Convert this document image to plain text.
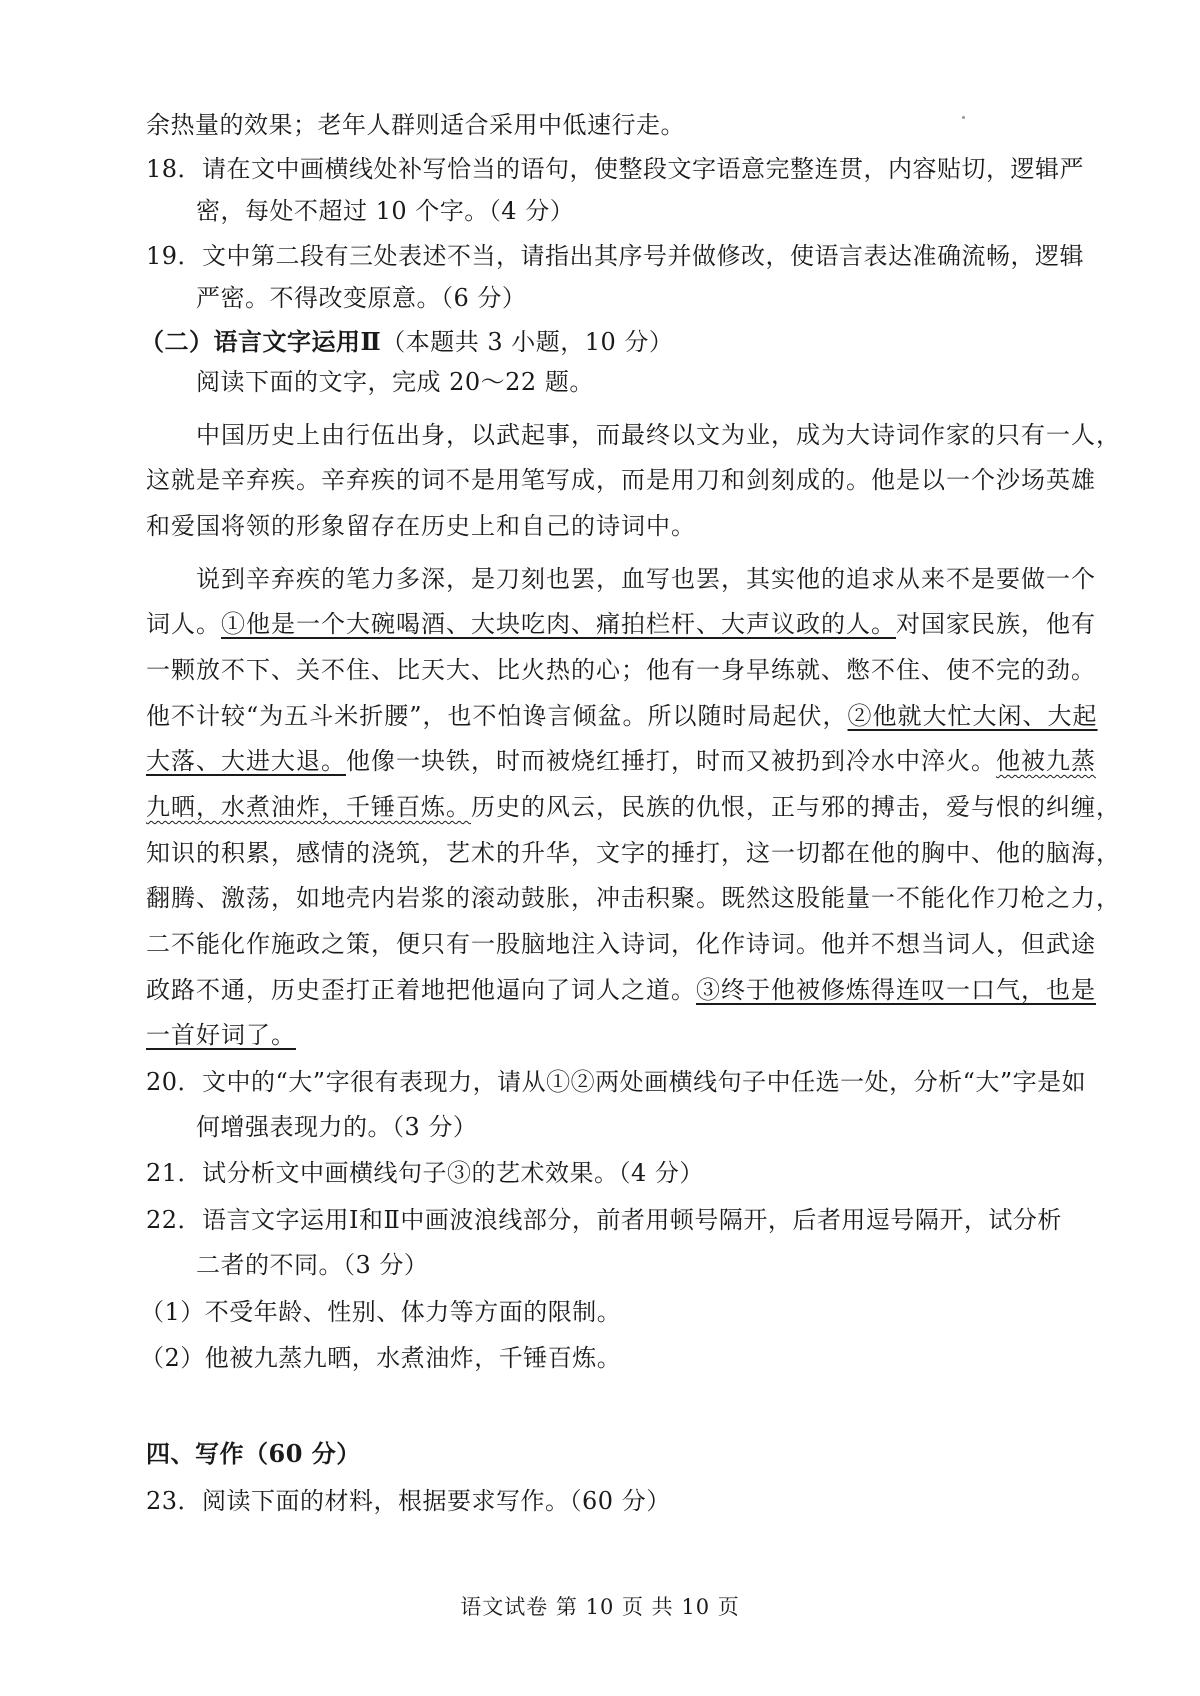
余热量的效果；老年人群则适合采用中低速行走。
18．请在文中画横线处补写恰当的语句，使整段文字语意完整连贯，内容贴切，逻辑严
密，每处不超过 10 个字。（4 分）
19．文中第二段有三处表述不当，请指出其序号并做修改，使语言表达准确流畅，逻辑
严密。不得改变原意。（6 分）
（二）语言文字运用Ⅱ（本题共 3 小题，10 分）
阅读下面的文字，完成 20～22 题。
中国历史上由行伍出身，以武起事，而最终以文为业，成为大诗词作家的只有一人，
这就是辛弃疾。辛弃疾的词不是用笔写成，而是用刀和剑刻成的。他是以一个沙场英雄
和爱国将领的形象留存在历史上和自己的诗词中。
说到辛弃疾的笔力多深，是刀刻也罢，血写也罢，其实他的追求从来不是要做一个
词人。①他是一个大碗喝酒、大块吃肉、痛拍栏杆、大声议政的人。对国家民族，他有
一颗放不下、关不住、比天大、比火热的心；他有一身早练就、憋不住、使不完的劲。
他不计较“为五斗米折腰”，也不怕谗言倾盆。所以随时局起伏，②他就大忙大闲、大起
大落、大进大退。他像一块铁，时而被烧红捶打，时而又被扔到冷水中淬火。他被九蒸
九晒，水煮油炸，千锤百炼。历史的风云，民族的仇恨，正与邪的搏击，爱与恨的纠缠，
知识的积累，感情的浇筑，艺术的升华，文字的捶打，这一切都在他的胸中、他的脑海，
翻腾、激荡，如地壳内岩浆的滚动鼓胀，冲击积聚。既然这股能量一不能化作刀枪之力，
二不能化作施政之策，便只有一股脑地注入诗词，化作诗词。他并不想当词人，但武途
政路不通，历史歪打正着地把他逼向了词人之道。③终于他被修炼得连叹一口气，也是
一首好词了。
20．文中的“大”字很有表现力，请从①②两处画横线句子中任选一处，分析“大”字是如
何增强表现力的。（3 分）
21．试分析文中画横线句子③的艺术效果。（4 分）
22．语言文字运用Ⅰ和Ⅱ中画波浪线部分，前者用顿号隔开，后者用逗号隔开，试分析
二者的不同。（3 分）
（1）不受年龄、性别、体力等方面的限制。
（2）他被九蒸九晒，水煮油炸，千锤百炼。
四、写作（60 分）
23．阅读下面的材料，根据要求写作。（60 分）
语文试卷 第 10 页 共 10 页
